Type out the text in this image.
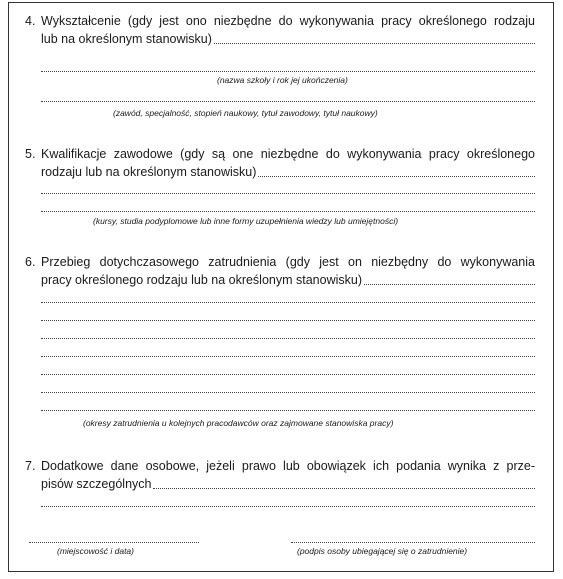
4. Wykształcenie (gdy jest ono niezbędne do wykonywania pracy określonego rodzaju
lub na określonym stanowisku)
(nazwa szkoły i rok jej ukończenia)
(zawód, specjalność, stopień naukowy, tytuł zawodowy, tytuł naukowy)
5. Kwalifikacje zawodowe (gdy są one niezbędne do wykonywania pracy określonego
rodzaju lub na określonym stanowisku)
(kursy, studia podyplomowe lub inne formy uzupełnienia wiedzy lub umiejętności)
6. Przebieg dotychczasowego zatrudnienia (gdy jest on niezbędny do wykonywania
pracy określonego rodzaju lub na określonym stanowisku)
(okresy zatrudnienia u kolejnych pracodawców oraz zajmowane stanowiska pracy)
7. Dodatkowe dane osobowe, jeżeli prawo lub obowiązek ich podania wynika z prze-
pisów szczególnych
(miejscowość i data)	(podpis osoby ubiegającej się o zatrudnienie)
